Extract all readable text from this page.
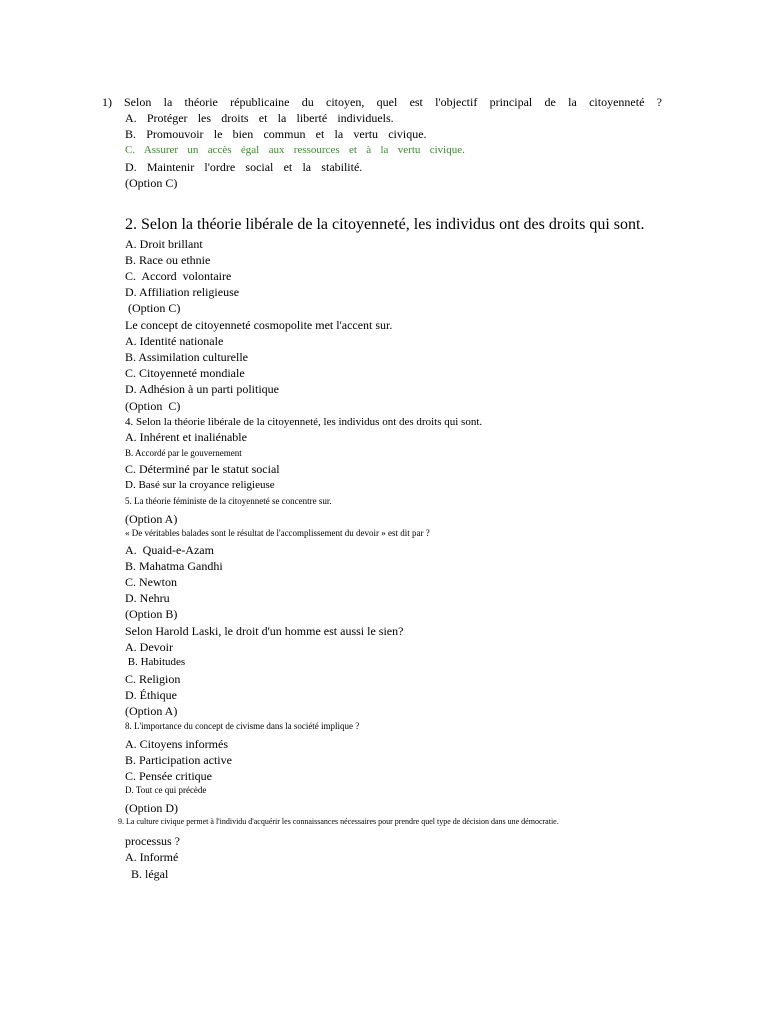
1) Selon la théorie républicaine du citoyen, quel est l'objectif principal de la citoyenneté ?
A. Protéger les droits et la liberté individuels.
B. Promouvoir le bien commun et la vertu civique.
C. Assurer un accès égal aux ressources et à la vertu civique.
D. Maintenir l'ordre social et la stabilité.
(Option C)
2. Selon la théorie libérale de la citoyenneté, les individus ont des droits qui sont.
A. Droit brillant
B. Race ou ethnie
C.  Accord  volontaire
D. Affiliation religieuse
(Option C)
Le concept de citoyenneté cosmopolite met l'accent sur.
A. Identité nationale
B. Assimilation culturelle
C. Citoyenneté mondiale
D. Adhésion à un parti politique
(Option  C)
4. Selon la théorie libérale de la citoyenneté, les individus ont des droits qui sont.
A. Inhérent et inaliénable
B. Accordé par le gouvernement
C. Déterminé par le statut social
D. Basé sur la croyance religieuse
5. La théorie féministe de la citoyenneté se concentre sur.
(Option A)
« De véritables balades sont le résultat de l'accomplissement du devoir » est dit par ?
A.  Quaid-e-Azam
B. Mahatma Gandhi
C. Newton
D. Nehru
(Option B)
Selon Harold Laski, le droit d'un homme est aussi le sien?
A. Devoir
B. Habitudes
C. Religion
D. Éthique
(Option A)
8. L'importance du concept de civisme dans la société implique ?
A. Citoyens informés
B. Participation active
C. Pensée critique
D. Tout ce qui précède
(Option D)
9. La culture civique permet à l'individu d'acquérir les connaissances nécessaires pour prendre quel type de décision dans une démocratie.
processus ?
A. Informé
B. légal
